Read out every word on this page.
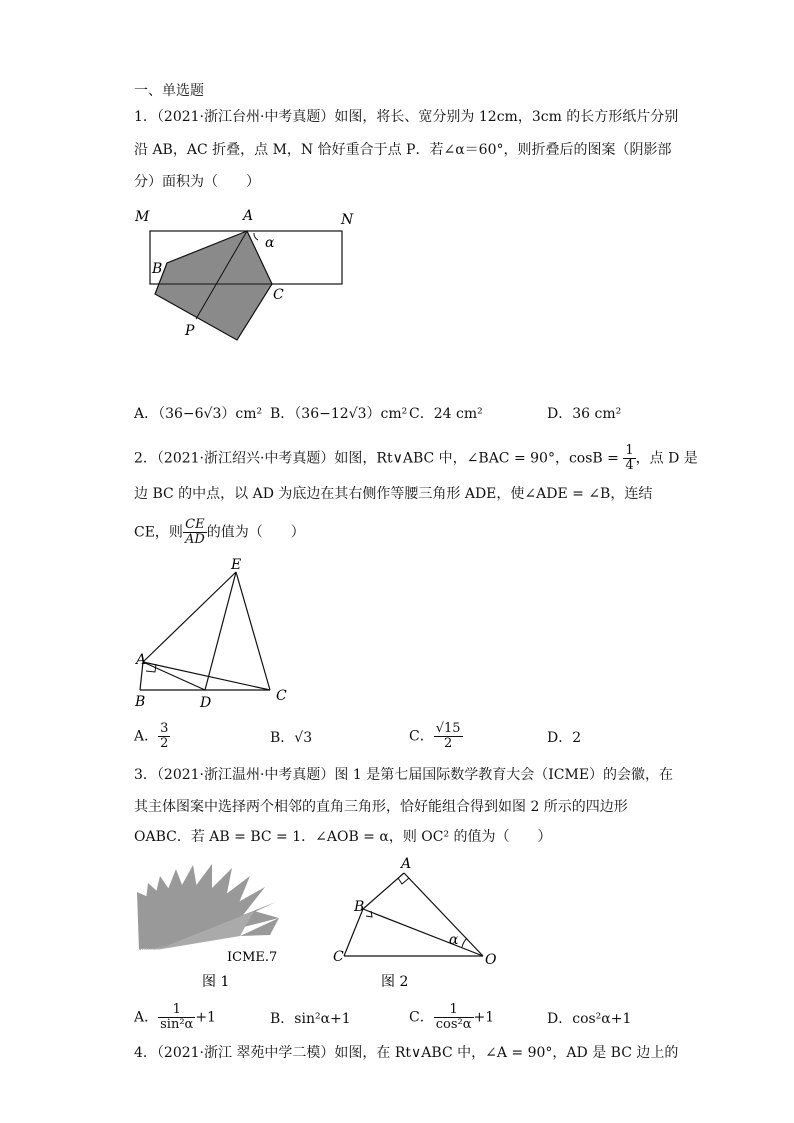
一、单选题
1．（2021·浙江台州·中考真题）如图，将长、宽分别为 12cm，3cm 的长方形纸片分别
沿 AB，AC 折叠，点 M，N 恰好重合于点 P．若∠α＝60°，则折叠后的图案（阴影部
分）面积为（　　）
M	A	N
α
B
C
P
A．（36−6√3）cm² B．（36−12√3）cm² C．24 cm²	D．36 cm²
2．（2021·浙江绍兴·中考真题）如图，Rt∨ABC 中，∠BAC = 90°，$\cos B = \frac{1}{4}$ ，点 D 是
边 BC 的中点，以 AD 为底边在其右侧作等腰三角形 ADE，使∠ADE = ∠B，连结
CE，则 $\frac{CE}{AD}$ 的值为（　　）
E
A
B	D	C
A． $\frac{3}{2}$	B．√3	C． $\frac{√15}{2}$	D．2
3．（2021·浙江温州·中考真题）图 1 是第七届国际数学教育大会（ICME）的会徽，在
其主体图案中选择两个相邻的直角三角形，恰好能组合得到如图 2 所示的四边形
OABC．若 AB = BC = 1．∠AOB = α，则 OC² 的值为（　　）
ICME.7
图 1
A
B
α
C	O
图 2
A． $\frac{1}{\text{sin²α}} +1$	B．sin²α+1	C． $\frac{1}{\text{cos²α}} +1$	D．cos²α+1
4．（2021·浙江 翠苑中学二模）如图，在 Rt∨ABC 中，∠A = 90°，AD 是 BC 边上的
